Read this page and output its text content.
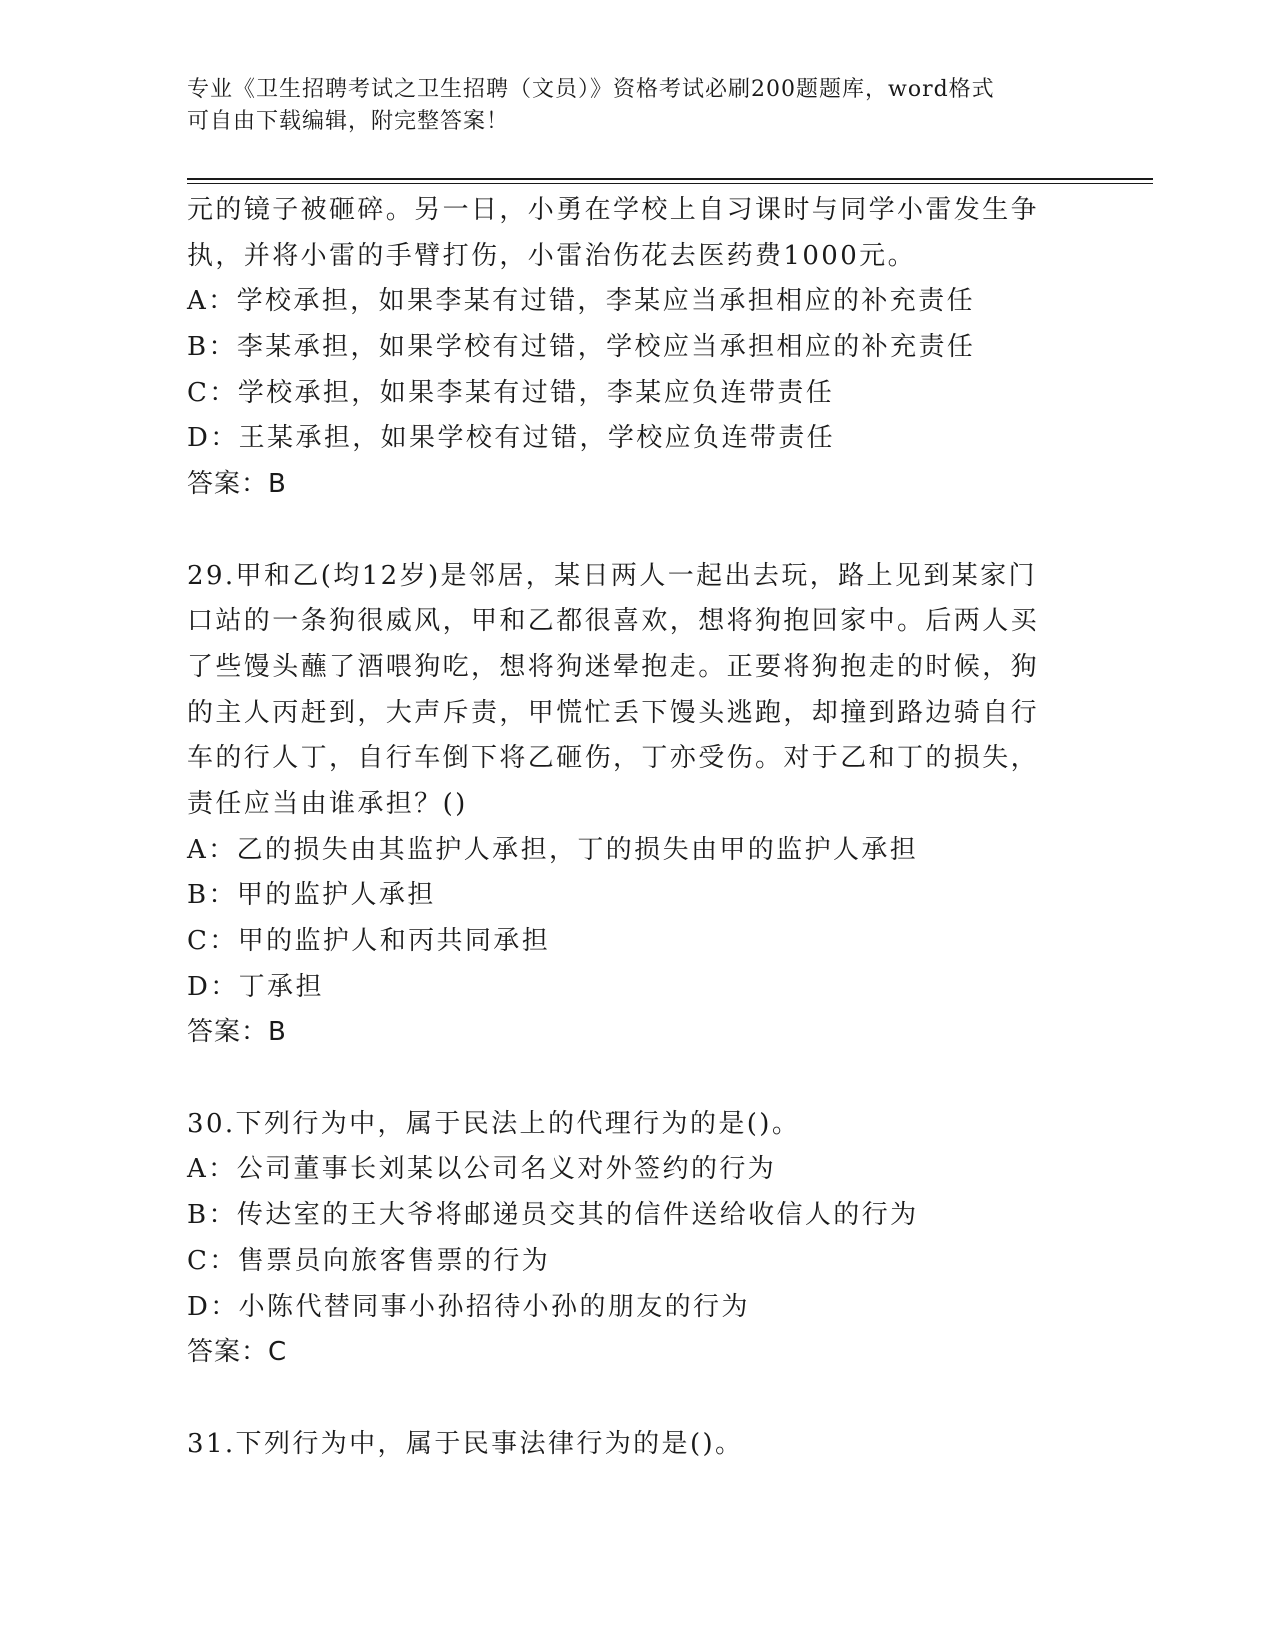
专业《卫生招聘考试之卫生招聘（文员）》资格考试必刷200题题库，word格式
可自由下载编辑，附完整答案！
元的镜子被砸碎。另一日，小勇在学校上自习课时与同学小雷发生争
执，并将小雷的手臂打伤，小雷治伤花去医药费1000元。
A：学校承担，如果李某有过错，李某应当承担相应的补充责任
B：李某承担，如果学校有过错，学校应当承担相应的补充责任
C：学校承担，如果李某有过错，李某应负连带责任
D：王某承担，如果学校有过错，学校应负连带责任
答案：B
29.甲和乙(均12岁)是邻居，某日两人一起出去玩，路上见到某家门
口站的一条狗很威风，甲和乙都很喜欢，想将狗抱回家中。后两人买
了些馒头蘸了酒喂狗吃，想将狗迷晕抱走。正要将狗抱走的时候，狗
的主人丙赶到，大声斥责，甲慌忙丢下馒头逃跑，却撞到路边骑自行
车的行人丁，自行车倒下将乙砸伤，丁亦受伤。对于乙和丁的损失，
责任应当由谁承担？()
A：乙的损失由其监护人承担，丁的损失由甲的监护人承担
B：甲的监护人承担
C：甲的监护人和丙共同承担
D：丁承担
答案：B
30.下列行为中，属于民法上的代理行为的是()。
A：公司董事长刘某以公司名义对外签约的行为
B：传达室的王大爷将邮递员交其的信件送给收信人的行为
C：售票员向旅客售票的行为
D：小陈代替同事小孙招待小孙的朋友的行为
答案：C
31.下列行为中，属于民事法律行为的是()。
